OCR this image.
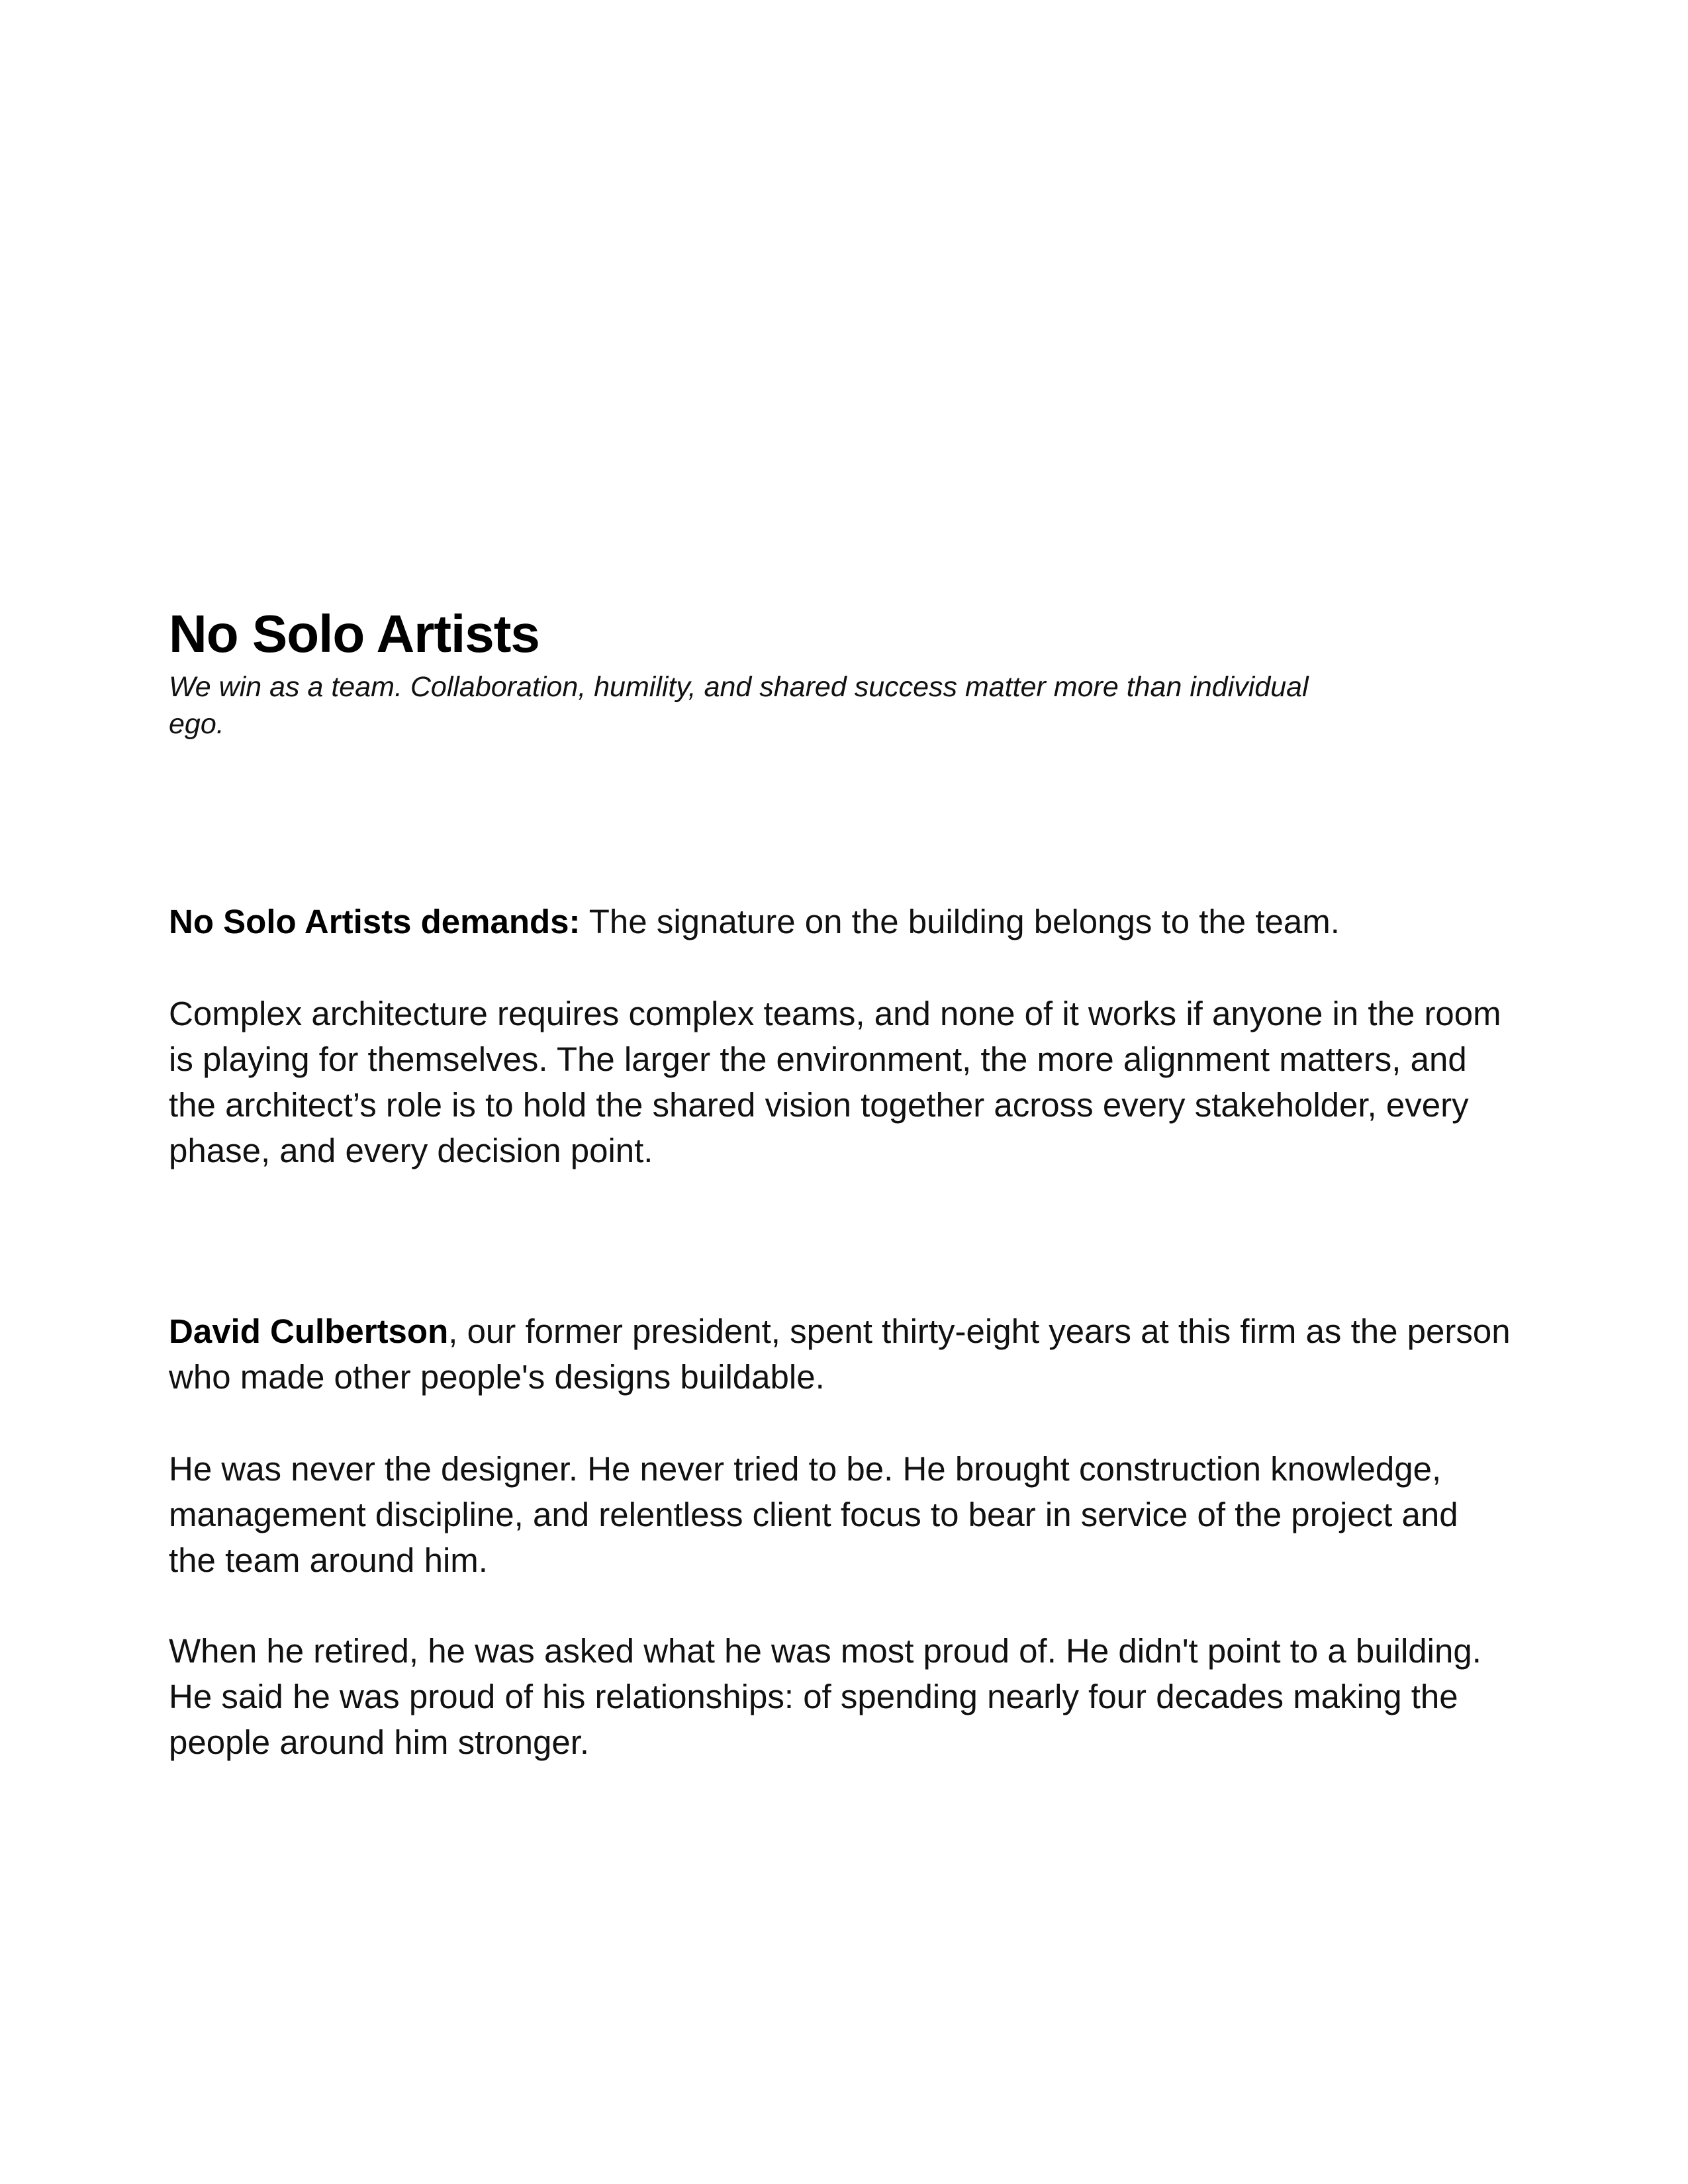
No Solo Artists

We win as a team. Collaboration, humility, and shared success matter more than individual ego.

No Solo Artists demands: The signature on the building belongs to the team.

Complex architecture requires complex teams, and none of it works if anyone in the room is playing for themselves. The larger the environment, the more alignment matters, and the architect’s role is to hold the shared vision together across every stakeholder, every phase, and every decision point.

David Culbertson, our former president, spent thirty-eight years at this firm as the person who made other people's designs buildable.

He was never the designer. He never tried to be. He brought construction knowledge, management discipline, and relentless client focus to bear in service of the project and the team around him.

When he retired, he was asked what he was most proud of. He didn't point to a building. He said he was proud of his relationships: of spending nearly four decades making the people around him stronger.
